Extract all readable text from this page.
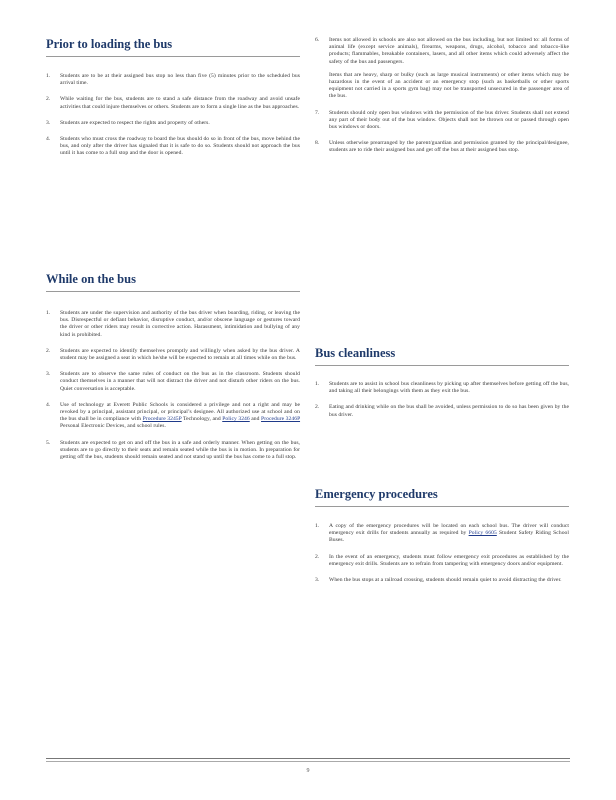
Prior to loading the bus
1. Students are to be at their assigned bus stop no less than five (5) minutes prior to the scheduled bus arrival time.
2. While waiting for the bus, students are to stand a safe distance from the roadway and avoid unsafe activities that could injure themselves or others. Students are to form a single line as the bus approaches.
3. Students are expected to respect the rights and property of others.
4. Students who must cross the roadway to board the bus should do so in front of the bus, move behind the bus, and only after the driver has signaled that it is safe to do so. Students should not approach the bus until it has come to a full stop and the door is opened.
While on the bus
1. Students are under the supervision and authority of the bus driver when boarding, riding, or leaving the bus. Disrespectful or defiant behavior, disruptive conduct, and/or obscene language or gestures toward the driver or other riders may result in corrective action. Harassment, intimidation and bullying of any kind is prohibited.
2. Students are expected to identify themselves promptly and willingly when asked by the bus driver. A student may be assigned a seat in which he/she will be expected to remain at all times while on the bus.
3. Students are to observe the same rules of conduct on the bus as in the classroom. Students should conduct themselves in a manner that will not distract the driver and not disturb other riders on the bus. Quiet conversation is acceptable.
4. Use of technology at Everett Public Schools is considered a privilege and not a right and may be revoked by a principal, assistant principal, or principal’s designee. All authorized use at school and on the bus shall be in compliance with Procedure 3245P Technology, and Policy 3246 and Procedure 3246P Personal Electronic Devices, and school rules.
5. Students are expected to get on and off the bus in a safe and orderly manner. When getting on the bus, students are to go directly to their seats and remain seated while the bus is in motion. In preparation for getting off the bus, students should remain seated and not stand up until the bus has come to a full stop.
6. Items not allowed in schools are also not allowed on the bus including, but not limited to: all forms of animal life (except service animals), firearms, weapons, drugs, alcohol, tobacco and tobacco-like products; flammables, breakable containers, lasers, and all other items which could adversely affect the safety of the bus and passengers.

Items that are heavy, sharp or bulky (such as large musical instruments) or other items which may be hazardous in the event of an accident or an emergency stop (such as basketballs or other sports equipment not carried in a sports gym bag) may not be transported unsecured in the passenger area of the bus.

7. Students should only open bus windows with the permission of the bus driver. Students shall not extend any part of their body out of the bus window. Objects shall not be thrown out or passed through open bus windows or doors.
8. Unless otherwise prearranged by the parent/guardian and permission granted by the principal/designee, students are to ride their assigned bus and get off the bus at their assigned bus stop.
Bus cleanliness
1. Students are to assist in school bus cleanliness by picking up after themselves before getting off the bus, and taking all their belongings with them as they exit the bus.
2. Eating and drinking while on the bus shall be avoided, unless permission to do so has been given by the bus driver.
Emergency procedures
1. A copy of the emergency procedures will be located on each school bus. The driver will conduct emergency exit drills for students annually as required by Policy 6605 Student Safety Riding School Buses.
2. In the event of an emergency, students must follow emergency exit procedures as established by the emergency exit drills. Students are to refrain from tampering with emergency doors and/or equipment.
3. When the bus stops at a railroad crossing, students should remain quiet to avoid distracting the driver.
9
